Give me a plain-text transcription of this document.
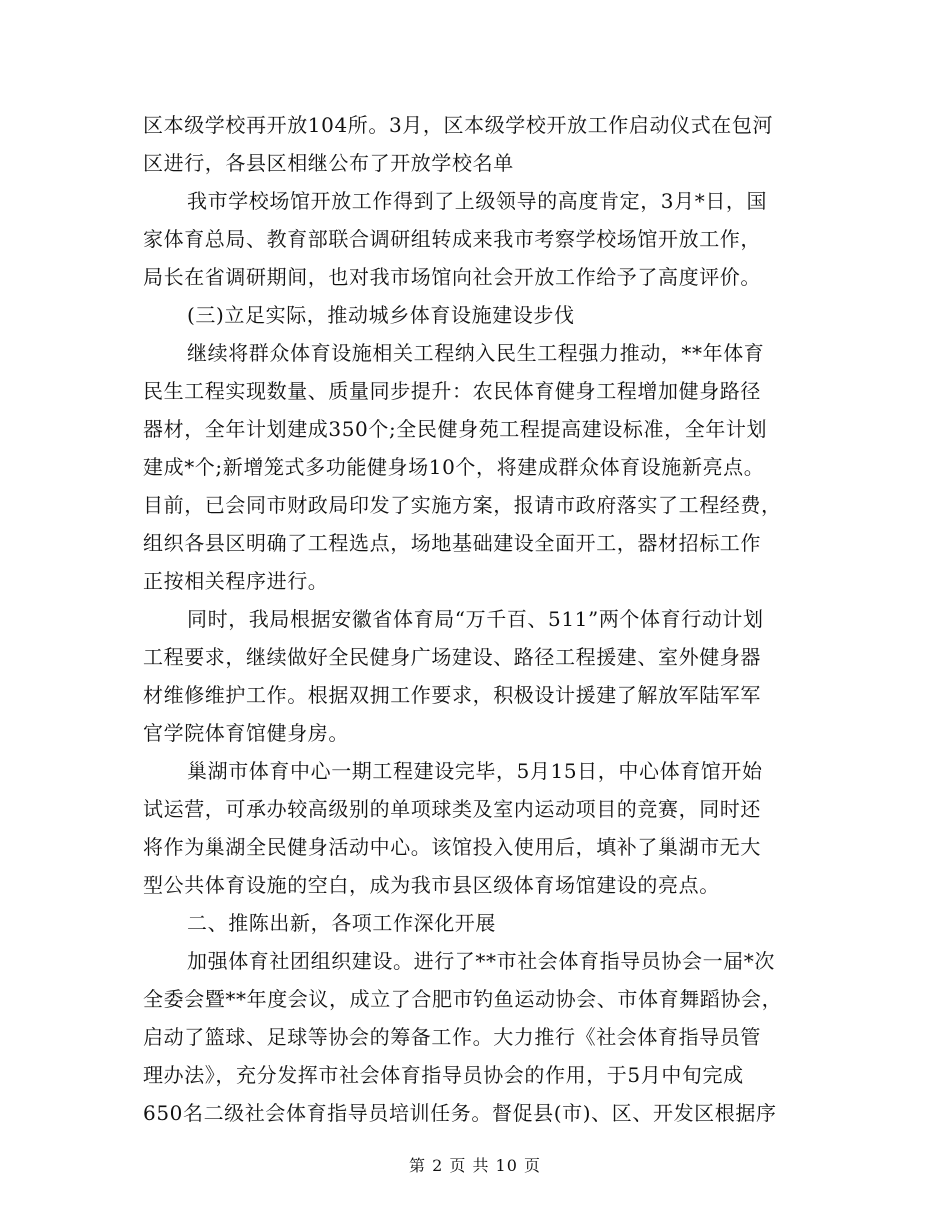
区本级学校再开放104所。3月，区本级学校开放工作启动仪式在包河
区进行，各县区相继公布了开放学校名单
我市学校场馆开放工作得到了上级领导的高度肯定，3月*日，国
家体育总局、教育部联合调研组转成来我市考察学校场馆开放工作，
局长在省调研期间，也对我市场馆向社会开放工作给予了高度评价。
(三)立足实际，推动城乡体育设施建设步伐
继续将群众体育设施相关工程纳入民生工程强力推动，**年体育
民生工程实现数量、质量同步提升：农民体育健身工程增加健身路径
器材，全年计划建成350个;全民健身苑工程提高建设标准，全年计划
建成*个;新增笼式多功能健身场10个，将建成群众体育设施新亮点。
目前，已会同市财政局印发了实施方案，报请市政府落实了工程经费，
组织各县区明确了工程选点，场地基础建设全面开工，器材招标工作
正按相关程序进行。
同时，我局根据安徽省体育局“万千百、511”两个体育行动计划
工程要求，继续做好全民健身广场建设、路径工程援建、室外健身器
材维修维护工作。根据双拥工作要求，积极设计援建了解放军陆军军
官学院体育馆健身房。
巢湖市体育中心一期工程建设完毕，5月15日，中心体育馆开始
试运营，可承办较高级别的单项球类及室内运动项目的竞赛，同时还
将作为巢湖全民健身活动中心。该馆投入使用后，填补了巢湖市无大
型公共体育设施的空白，成为我市县区级体育场馆建设的亮点。
二、推陈出新，各项工作深化开展
加强体育社团组织建设。进行了**市社会体育指导员协会一届*次
全委会暨**年度会议，成立了合肥市钓鱼运动协会、市体育舞蹈协会，
启动了篮球、足球等协会的筹备工作。大力推行《社会体育指导员管
理办法》，充分发挥市社会体育指导员协会的作用，于5月中旬完成
650名二级社会体育指导员培训任务。督促县(市)、区、开发区根据序
第 2 页 共 10 页
